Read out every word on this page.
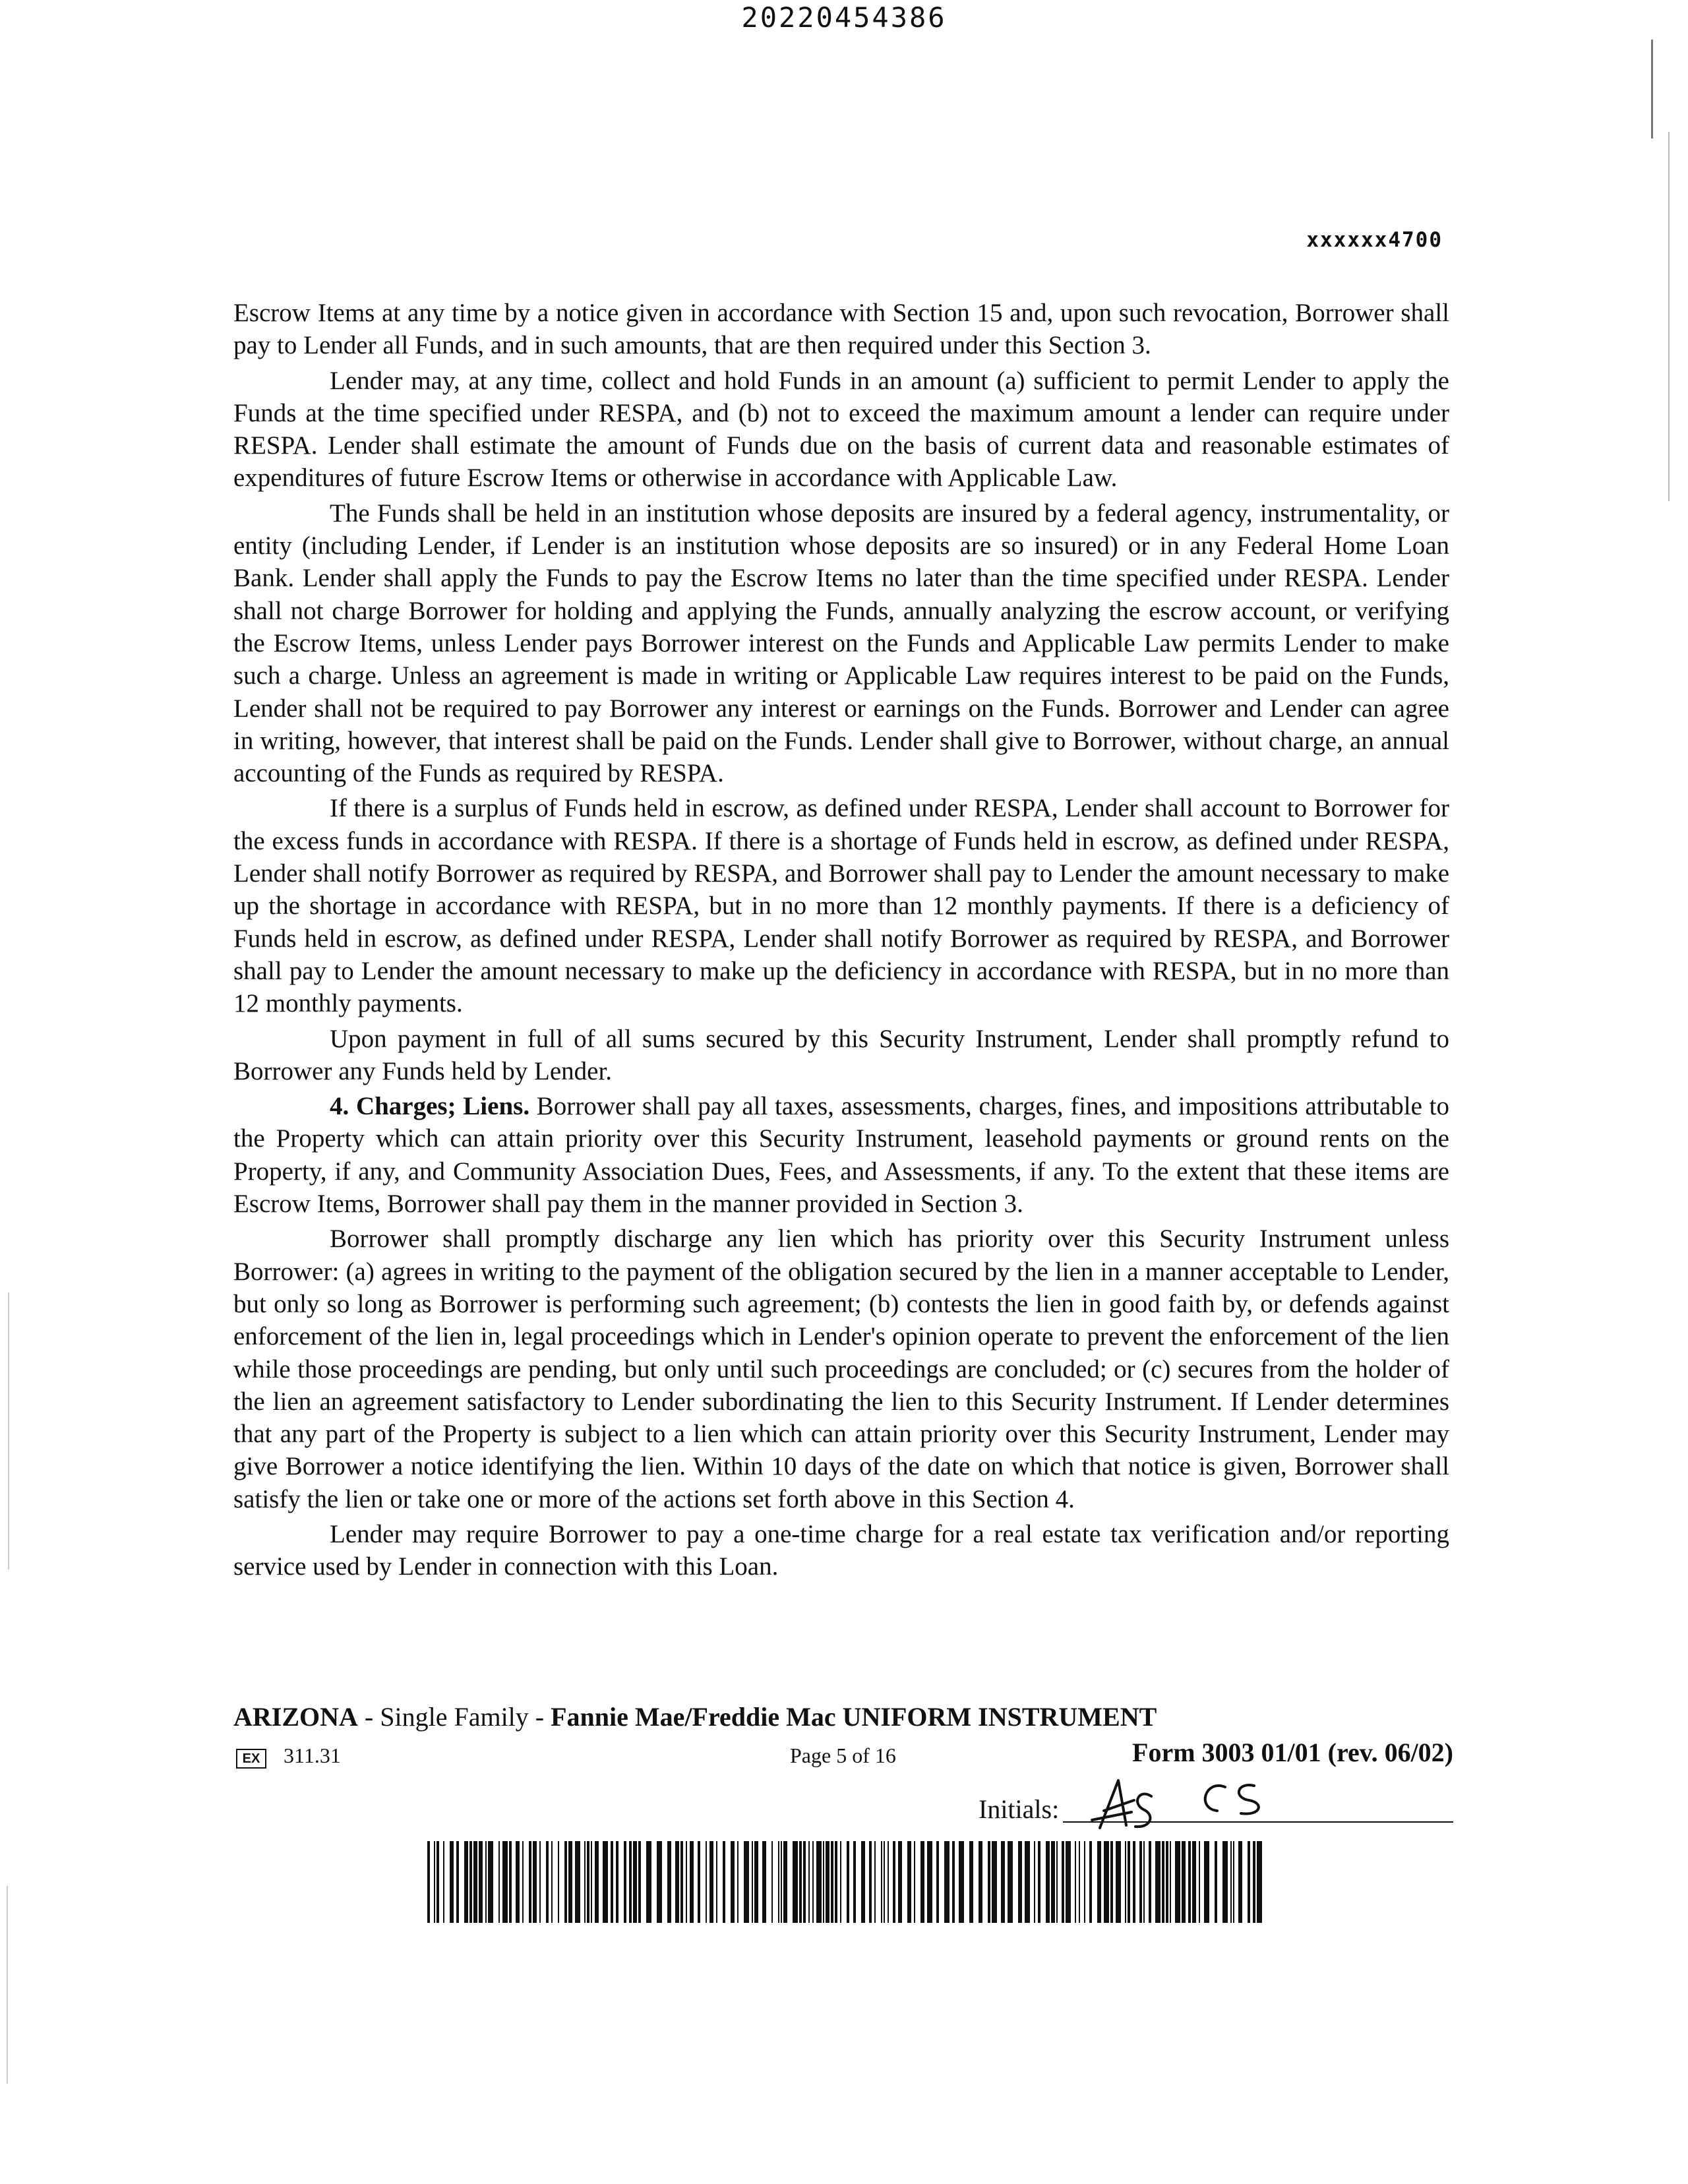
20220454386
xxxxxx4700

Escrow Items at any time by a notice given in accordance with Section 15 and, upon such revocation, Borrower shall pay to Lender all Funds, and in such amounts, that are then required under this Section 3.

Lender may, at any time, collect and hold Funds in an amount (a) sufficient to permit Lender to apply the Funds at the time specified under RESPA, and (b) not to exceed the maximum amount a lender can require under RESPA. Lender shall estimate the amount of Funds due on the basis of current data and reasonable estimates of expenditures of future Escrow Items or otherwise in accordance with Applicable Law.

The Funds shall be held in an institution whose deposits are insured by a federal agency, instrumentality, or entity (including Lender, if Lender is an institution whose deposits are so insured) or in any Federal Home Loan Bank. Lender shall apply the Funds to pay the Escrow Items no later than the time specified under RESPA. Lender shall not charge Borrower for holding and applying the Funds, annually analyzing the escrow account, or verifying the Escrow Items, unless Lender pays Borrower interest on the Funds and Applicable Law permits Lender to make such a charge. Unless an agreement is made in writing or Applicable Law requires interest to be paid on the Funds, Lender shall not be required to pay Borrower any interest or earnings on the Funds. Borrower and Lender can agree in writing, however, that interest shall be paid on the Funds. Lender shall give to Borrower, without charge, an annual accounting of the Funds as required by RESPA.

If there is a surplus of Funds held in escrow, as defined under RESPA, Lender shall account to Borrower for the excess funds in accordance with RESPA. If there is a shortage of Funds held in escrow, as defined under RESPA, Lender shall notify Borrower as required by RESPA, and Borrower shall pay to Lender the amount necessary to make up the shortage in accordance with RESPA, but in no more than 12 monthly payments. If there is a deficiency of Funds held in escrow, as defined under RESPA, Lender shall notify Borrower as required by RESPA, and Borrower shall pay to Lender the amount necessary to make up the deficiency in accordance with RESPA, but in no more than 12 monthly payments.

Upon payment in full of all sums secured by this Security Instrument, Lender shall promptly refund to Borrower any Funds held by Lender.

4. Charges; Liens. Borrower shall pay all taxes, assessments, charges, fines, and impositions attributable to the Property which can attain priority over this Security Instrument, leasehold payments or ground rents on the Property, if any, and Community Association Dues, Fees, and Assessments, if any. To the extent that these items are Escrow Items, Borrower shall pay them in the manner provided in Section 3.

Borrower shall promptly discharge any lien which has priority over this Security Instrument unless Borrower: (a) agrees in writing to the payment of the obligation secured by the lien in a manner acceptable to Lender, but only so long as Borrower is performing such agreement; (b) contests the lien in good faith by, or defends against enforcement of the lien in, legal proceedings which in Lender's opinion operate to prevent the enforcement of the lien while those proceedings are pending, but only until such proceedings are concluded; or (c) secures from the holder of the lien an agreement satisfactory to Lender subordinating the lien to this Security Instrument. If Lender determines that any part of the Property is subject to a lien which can attain priority over this Security Instrument, Lender may give Borrower a notice identifying the lien. Within 10 days of the date on which that notice is given, Borrower shall satisfy the lien or take one or more of the actions set forth above in this Section 4.

Lender may require Borrower to pay a one-time charge for a real estate tax verification and/or reporting service used by Lender in connection with this Loan.

ARIZONA - Single Family - Fannie Mae/Freddie Mac UNIFORM INSTRUMENT
EX	311.31	Page 5 of 16	Form 3003 01/01 (rev. 06/02)
Initials:
